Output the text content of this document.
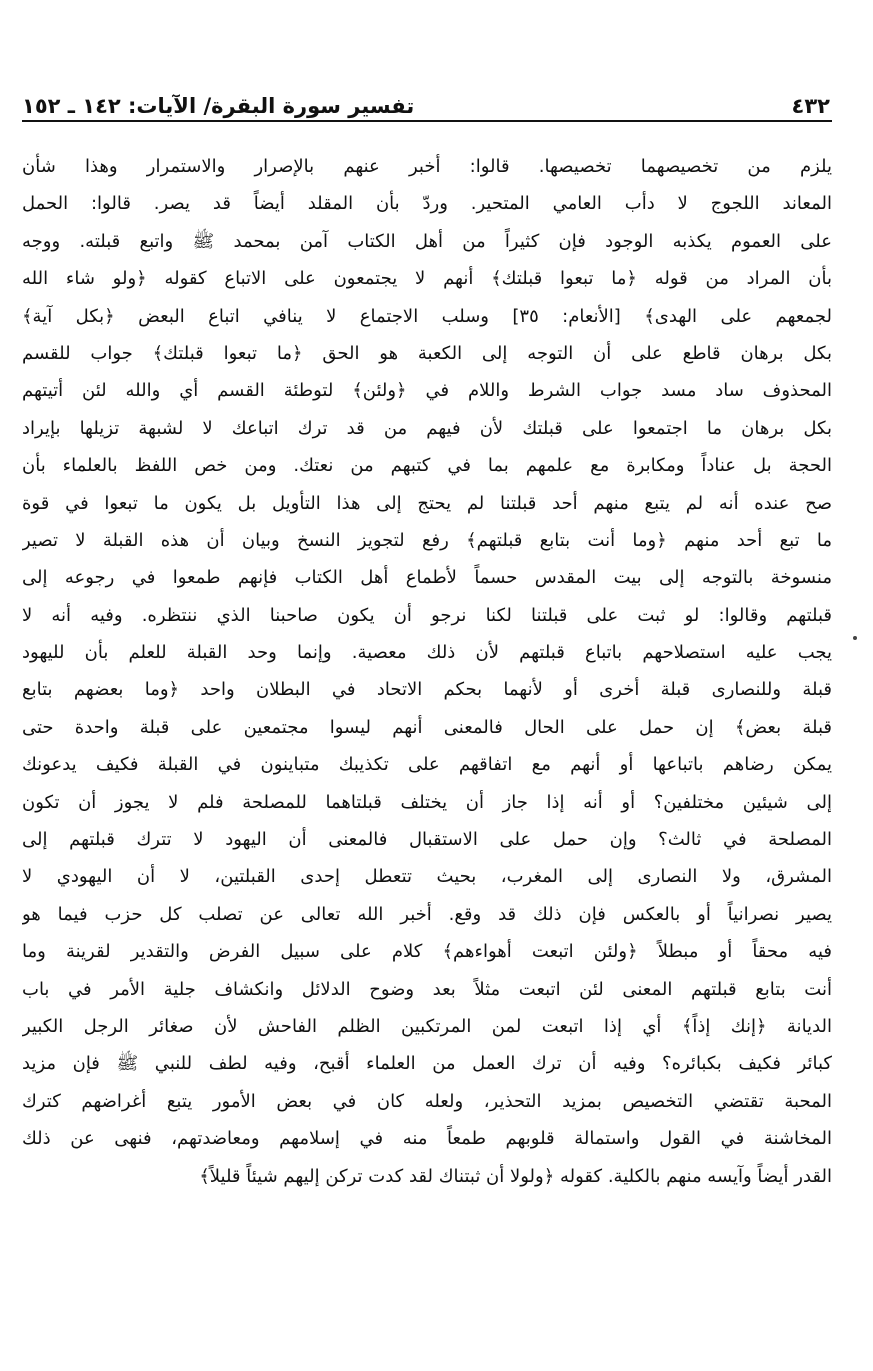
٤٣٢
تفسير سورة البقرة/ الآيات: ١٤٢ ـ ١٥٢
يلزم من تخصيصهما تخصيصها. قالوا: أخبر عنهم بالإصرار والاستمرار وهذا شأن
المعاند اللجوج لا دأب العامي المتحير. وردّ بأن المقلد أيضاً قد يصر. قالوا: الحمل
على العموم يكذبه الوجود فإن كثيراً من أهل الكتاب آمن بمحمد ﷺ واتبع قبلته. ووجه
بأن المراد من قوله ﴿ما تبعوا قبلتك﴾ أنهم لا يجتمعون على الاتباع كقوله ﴿ولو شاء الله
لجمعهم على الهدى﴾ [الأنعام: ٣٥] وسلب الاجتماع لا ينافي اتباع البعض ﴿بكل آية﴾
بكل برهان قاطع على أن التوجه إلى الكعبة هو الحق ﴿ما تبعوا قبلتك﴾ جواب للقسم
المحذوف ساد مسد جواب الشرط واللام في ﴿ولئن﴾ لتوطئة القسم أي والله لئن أتيتهم
بكل برهان ما اجتمعوا على قبلتك لأن فيهم من قد ترك اتباعك لا لشبهة تزيلها بإيراد
الحجة بل عناداً ومكابرة مع علمهم بما في كتبهم من نعتك. ومن خص اللفظ بالعلماء بأن
صح عنده أنه لم يتبع منهم أحد قبلتنا لم يحتج إلى هذا التأويل بل يكون ما تبعوا في قوة
ما تبع أحد منهم ﴿وما أنت بتابع قبلتهم﴾ رفع لتجويز النسخ وبيان أن هذه القبلة لا تصير
منسوخة بالتوجه إلى بيت المقدس حسماً لأطماع أهل الكتاب فإنهم طمعوا في رجوعه إلى
قبلتهم وقالوا: لو ثبت على قبلتنا لكنا نرجو أن يكون صاحبنا الذي ننتظره. وفيه أنه لا
يجب عليه استصلاحهم باتباع قبلتهم لأن ذلك معصية. وإنما وحد القبلة للعلم بأن لليهود
قبلة وللنصارى قبلة أخرى أو لأنهما بحكم الاتحاد في البطلان واحد ﴿وما بعضهم بتابع
قبلة بعض﴾ إن حمل على الحال فالمعنى أنهم ليسوا مجتمعين على قبلة واحدة حتى
يمكن رضاهم باتباعها أو أنهم مع اتفاقهم على تكذيبك متباينون في القبلة فكيف يدعونك
إلى شيئين مختلفين؟ أو أنه إذا جاز أن يختلف قبلتاهما للمصلحة فلم لا يجوز أن تكون
المصلحة في ثالث؟ وإن حمل على الاستقبال فالمعنى أن اليهود لا تترك قبلتهم إلى
المشرق، ولا النصارى إلى المغرب، بحيث تتعطل إحدى القبلتين، لا أن اليهودي لا
يصير نصرانياً أو بالعكس فإن ذلك قد وقع. أخبر الله تعالى عن تصلب كل حزب فيما هو
فيه محقاً أو مبطلاً ﴿ولئن اتبعت أهواءهم﴾ كلام على سبيل الفرض والتقدير لقرينة وما
أنت بتابع قبلتهم المعنى لئن اتبعت مثلاً بعد وضوح الدلائل وانكشاف جلية الأمر في باب
الديانة ﴿إنك إذاً﴾ أي إذا اتبعت لمن المرتكبين الظلم الفاحش لأن صغائر الرجل الكبير
كبائر فكيف بكبائره؟ وفيه أن ترك العمل من العلماء أقبح، وفيه لطف للنبي ﷺ فإن مزيد
المحبة تقتضي التخصيص بمزيد التحذير، ولعله كان في بعض الأمور يتبع أغراضهم كترك
المخاشنة في القول واستمالة قلوبهم طمعاً منه في إسلامهم ومعاضدتهم، فنهى عن ذلك
القدر أيضاً وآيسه منهم بالكلية. كقوله ﴿ولولا أن ثبتناك لقد كدت تركن إليهم شيئاً قليلاً﴾
